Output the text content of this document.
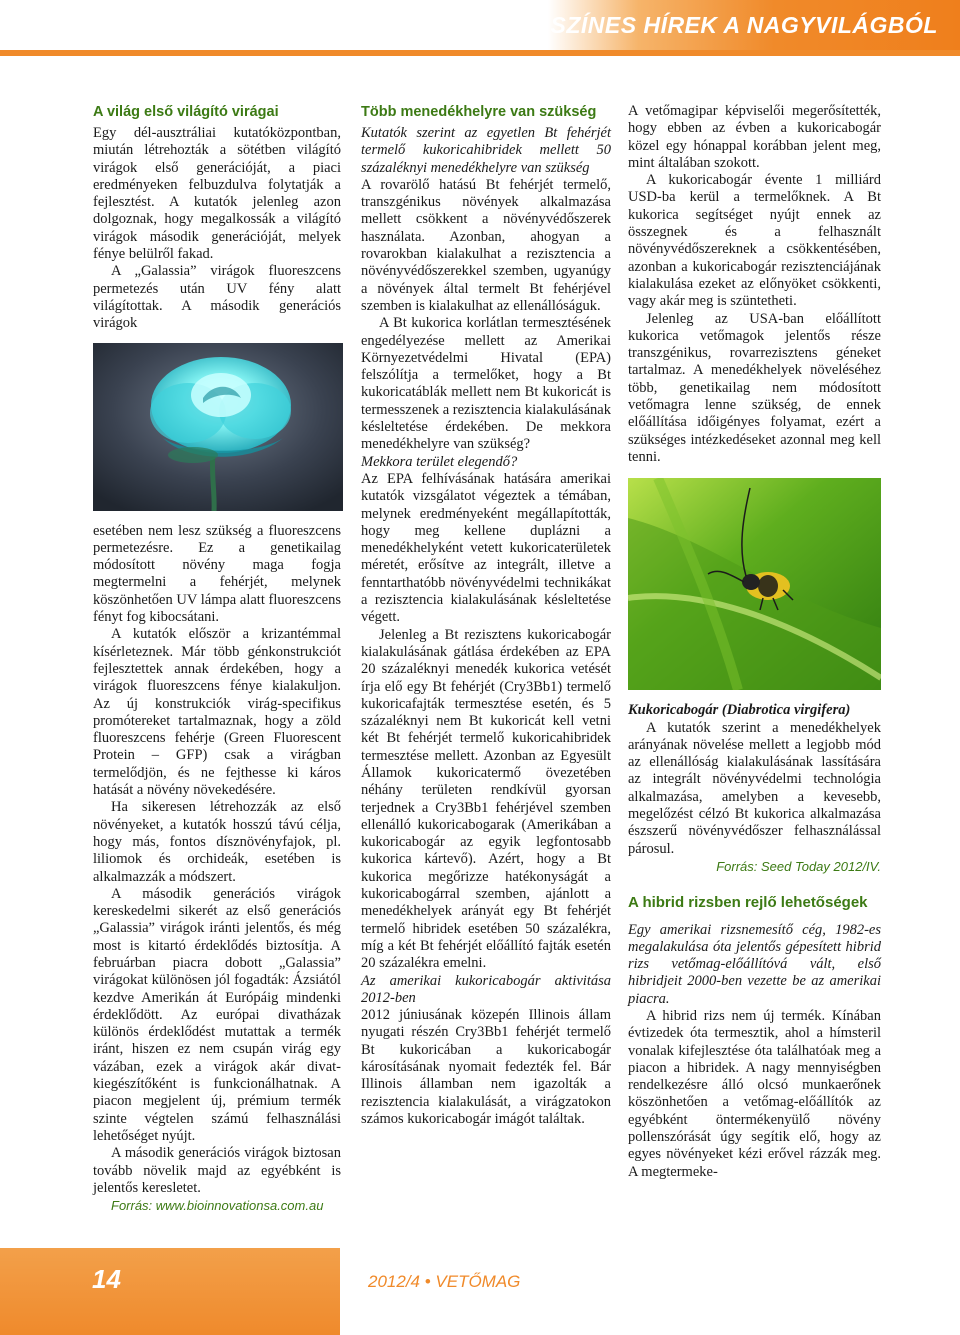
SZÍNES HÍREK A NAGYVILÁGBÓL
A világ első világító virágai

Egy dél-ausztráliai kutatóközpontban, miután létrehozták a sötétben világító virágok első generációját, a piaci eredményeken felbuzdulva folytatják a fejlesztést. A kutatók jelenleg azon dolgoznak, hogy megalkossák a világító virágok második generációját, melyek fénye belülről fakad.

A „Galassia” virágok fluoreszcens permetezés után UV fény alatt világítottak. A második generációs virágok

esetében nem lesz szükség a fluoreszcens permetezésre. Ez a genetikailag módosított növény maga fogja megtermelni a fehérjét, melynek köszönhetően UV lámpa alatt fluoreszcens fényt fog kibocsátani.

A kutatók először a krizantémmal kísérleteznek. Már több génkonstrukciót fejlesztettek annak érdekében, hogy a virágok fluoreszcens fénye kialakuljon. Az új konstrukciók virág-specifikus promótereket tartalmaznak, hogy a zöld fluoreszcens fehérje (Green Fluorescent Protein – GFP) csak a virágban termelődjön, és ne fejthesse ki káros hatását a növény növekedésére.

Ha sikeresen létrehozzák az első növényeket, a kutatók hosszú távú célja, hogy más, fontos dísznövényfajok, pl. liliomok és orchideák, esetében is alkalmazzák a módszert.

A második generációs virágok kereskedelmi sikerét az első generációs „Galassia” virágok iránti jelentős, és még most is kitartó érdeklődés biztosítja. A februárban piacra dobott „Galassia” virágokat különösen jól fogadták: Ázsiától kezdve Amerikán át Európáig mindenki érdeklődött. Az európai divatházak különös érdeklődést mutattak a termék iránt, hiszen ez nem csupán virág egy vázában, ezek a virágok akár divat-kiegészítőként is funkcionálhatnak. A piacon megjelent új, prémium termék szinte végtelen számú felhasználási lehetőséget nyújt.

A második generációs virágok biztosan tovább növelik majd az egyébként is jelentős keresletet.

Forrás: www.bioinnovationsa.com.au

Több menedékhelyre van szükség

Kutatók szerint az egyetlen Bt fehérjét termelő kukoricahibridek mellett 50 százaléknyi menedékhelyre van szükség

A rovarölő hatású Bt fehérjét termelő, transzgénikus növények alkalmazása mellett csökkent a növényvédőszerek használata. Azonban, ahogyan a rovarokban kialakulhat a rezisztencia a növényvédőszerekkel szemben, ugyanúgy a növények által termelt Bt fehérjével szemben is kialakulhat az ellenállóságuk.

A Bt kukorica korlátlan termesztésének engedélyezése mellett az Amerikai Környezetvédelmi Hivatal (EPA) felszólítja a termelőket, hogy a Bt kukoricatáblák mellett nem Bt kukoricát is termesszenek a rezisztencia kialakulásának késleltetése érdekében. De mekkora menedékhelyre van szükség?

Mekkora terület elegendő?

Az EPA felhívásának hatására amerikai kutatók vizsgálatot végeztek a témában, melynek eredményeként megállapították, hogy meg kellene duplázni a menedékhelyként vetett kukoricaterületek méretét, erősítve az integrált, illetve a fenntarthatóbb növényvédelmi technikákat a rezisztencia kialakulásának késleltetése végett.

Jelenleg a Bt rezisztens kukoricabogár kialakulásának gátlása érdekében az EPA 20 százaléknyi menedék kukorica vetését írja elő egy Bt fehérjét (Cry3Bb1) termelő kukoricafajták termesztése esetén, és 5 százaléknyi nem Bt kukoricát kell vetni két Bt fehérjét termelő kukoricahibridek termesztése mellett. Azonban az Egyesült Államok kukoricatermő övezetében néhány területen rendkívül gyorsan terjednek a Cry3Bb1 fehérjével szemben ellenálló kukoricabogarak (Amerikában a kukoricabogár az egyik legfontosabb kukorica kártevő). Azért, hogy a Bt kukorica megőrizze hatékonyságát a kukoricabogárral szemben, ajánlott a menedékhelyek arányát egy Bt fehérjét termelő hibridek esetében 50 százalékra, míg a két Bt fehérjét előállító fajták esetén 20 százalékra emelni.

Az amerikai kukoricabogár aktivitása 2012-ben

2012 júniusának közepén Illinois állam nyugati részén Cry3Bb1 fehérjét termelő Bt kukoricában a kukoricabogár károsításának nyomait fedezték fel. Bár Illinois államban nem igazolták a rezisztencia kialakulását, a virágzatokon számos kukoricabogár imágót találtak.

A vetőmagipar képviselői megerősítették, hogy ebben az évben a kukoricabogár közel egy hónappal korábban jelent meg, mint általában szokott.

A kukoricabogár évente 1 milliárd USD-ba kerül a termelőknek. A Bt kukorica segítséget nyújt ennek az összegnek és a felhasznált növényvédőszereknek a csökkentésében, azonban a kukoricabogár rezisztenciájának kialakulása ezeket az előnyöket csökkenti, vagy akár meg is szüntetheti.

Jelenleg az USA-ban előállított kukorica vetőmagok jelentős része transzgénikus, rovarrezisztens géneket tartalmaz. A menedékhelyek növeléséhez több, genetikailag nem módosított vetőmagra lenne szükség, de ennek előállítása időigényes folyamat, ezért a szükséges intézkedéseket azonnal meg kell tenni.

Kukoricabogár (Diabrotica virgifera)

A kutatók szerint a menedékhelyek arányának növelése mellett a legjobb mód az ellenállóság kialakulásának lassítására az integrált növényvédelmi technológia alkalmazása, amelyben a kevesebb, megelőzést célzó Bt kukorica alkalmazása észszerű növényvédőszer felhasználással párosul.

Forrás: Seed Today 2012/IV.

A hibrid rizsben rejlő lehetőségek

Egy amerikai rizsnemesítő cég, 1982-es megalakulása óta jelentős gépesített hibrid rizs vetőmag-előállítóvá vált, első hibridjeit 2000-ben vezette be az amerikai piacra.

A hibrid rizs nem új termék. Kínában évtizedek óta termesztik, ahol a hímsteril vonalak kifejlesztése óta találhatóak meg a piacon a hibridek. A nagy mennyiségben rendelkezésre álló olcsó munkaerőnek köszönhetően a vetőmag-előállítók az egyébként öntermékenyülő növény pollenszórását úgy segítik elő, hogy az egyes növényeket kézi erővel rázzák meg. A megtermeke-

14	2012/4 • VETŐMAG
